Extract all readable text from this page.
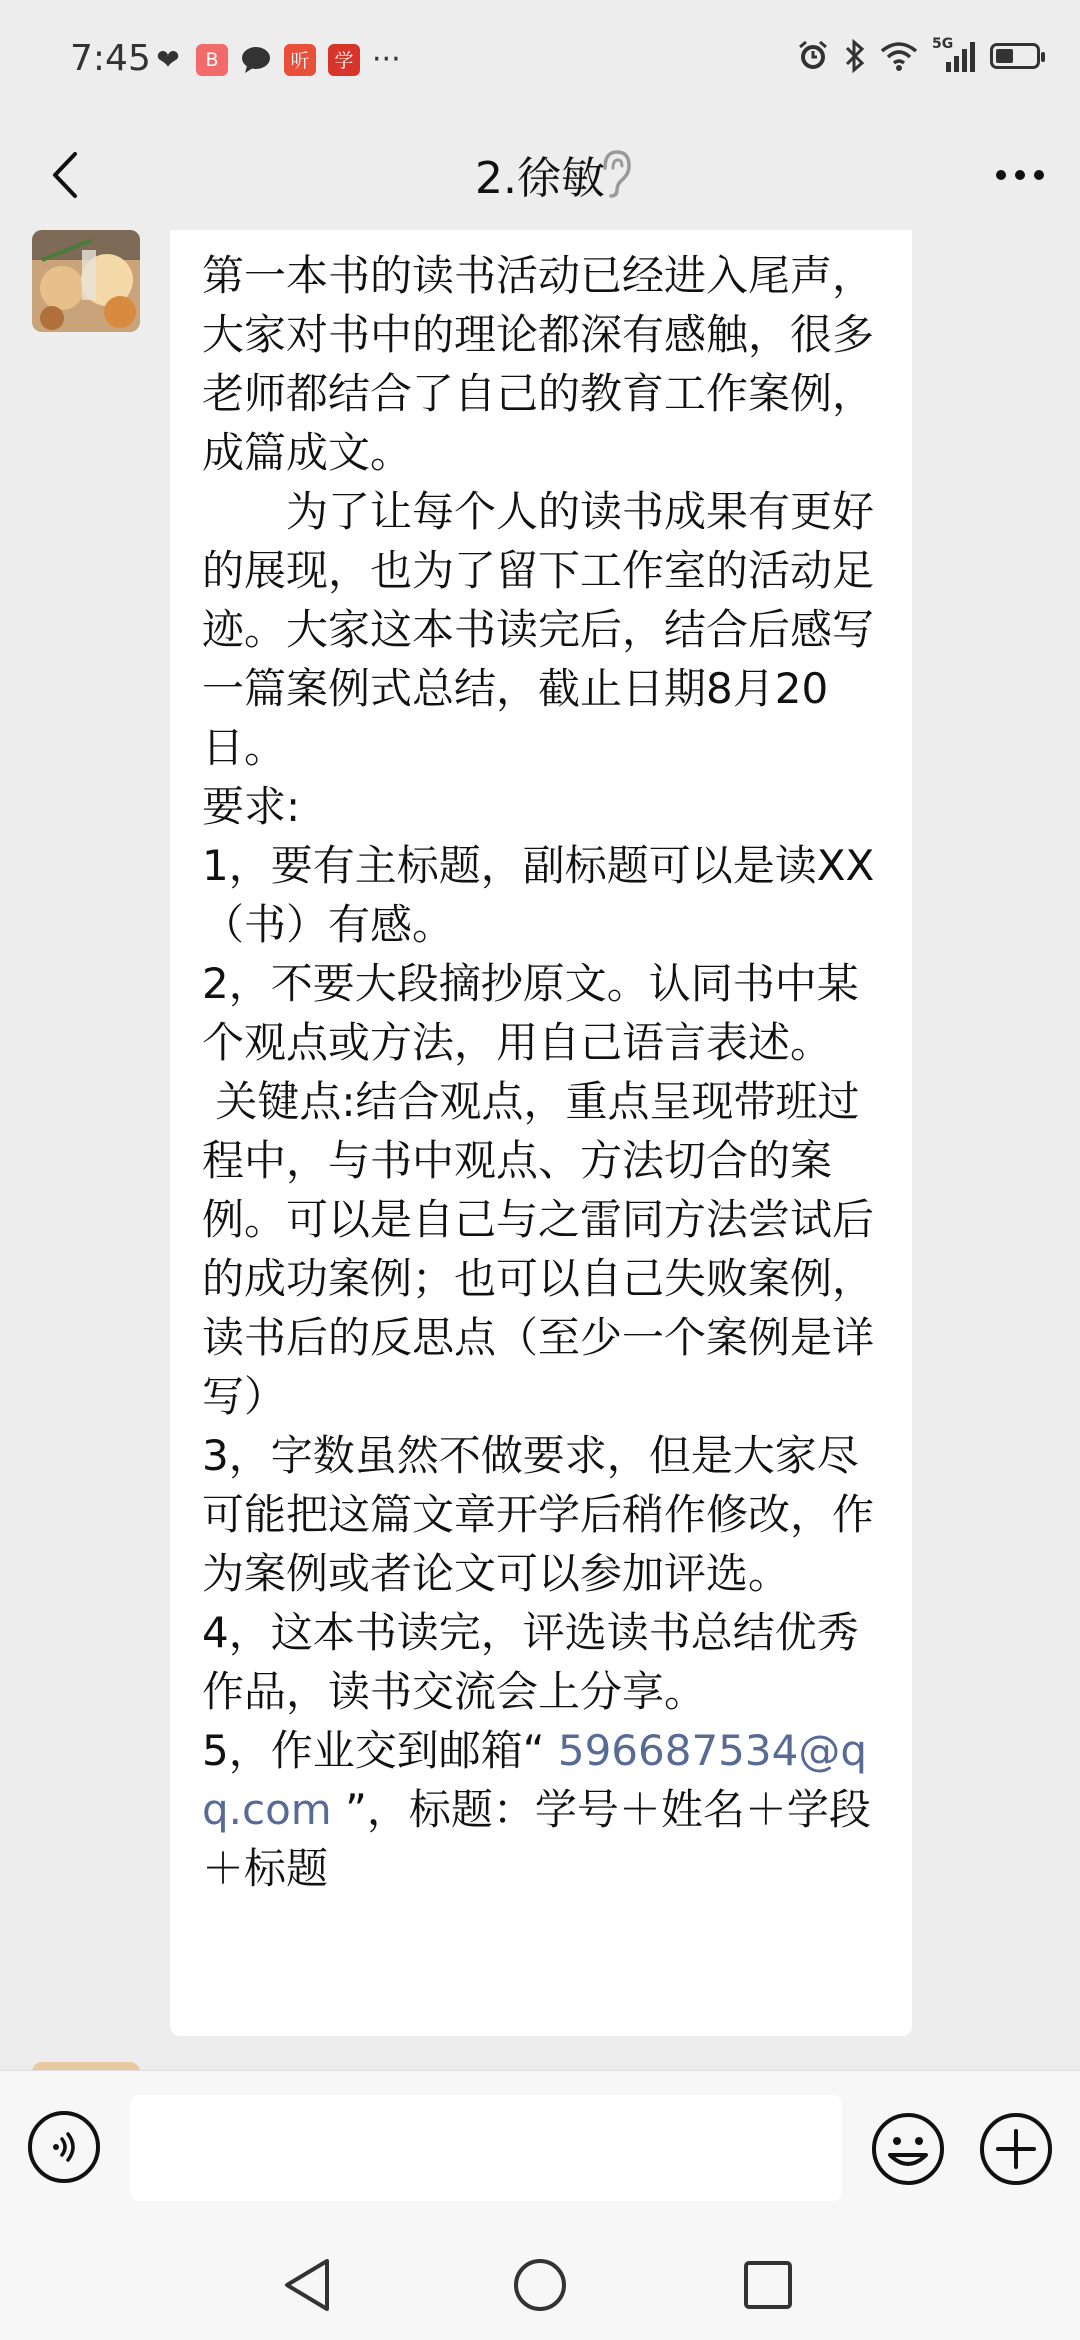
7:45 ❤	B	听	学 ···	5G
2.徐敏

第一本书的读书活动已经进入尾声，大家对书中的理论都深有感触，很多老师都结合了自己的教育工作案例，成篇成文。

　　为了让每个人的读书成果有更好的展现，也为了留下工作室的活动足迹。大家这本书读完后，结合后感写一篇案例式总结，截止日期8月20日。

要求:

1，要有主标题，副标题可以是读XX（书）有感。

2，不要大段摘抄原文。认同书中某个观点或方法，用自己语言表述。

关键点:结合观点，重点呈现带班过程中，与书中观点、方法切合的案例。可以是自己与之雷同方法尝试后的成功案例；也可以自己失败案例，读书后的反思点（至少一个案例是详写）

3，字数虽然不做要求，但是大家尽可能把这篇文章开学后稍作修改，作为案例或者论文可以参加评选。

4，这本书读完，评选读书总结优秀作品，读书交流会上分享。

5，作业交到邮箱“ 596687534@qq.com ”，标题：学号＋姓名＋学段＋标题
